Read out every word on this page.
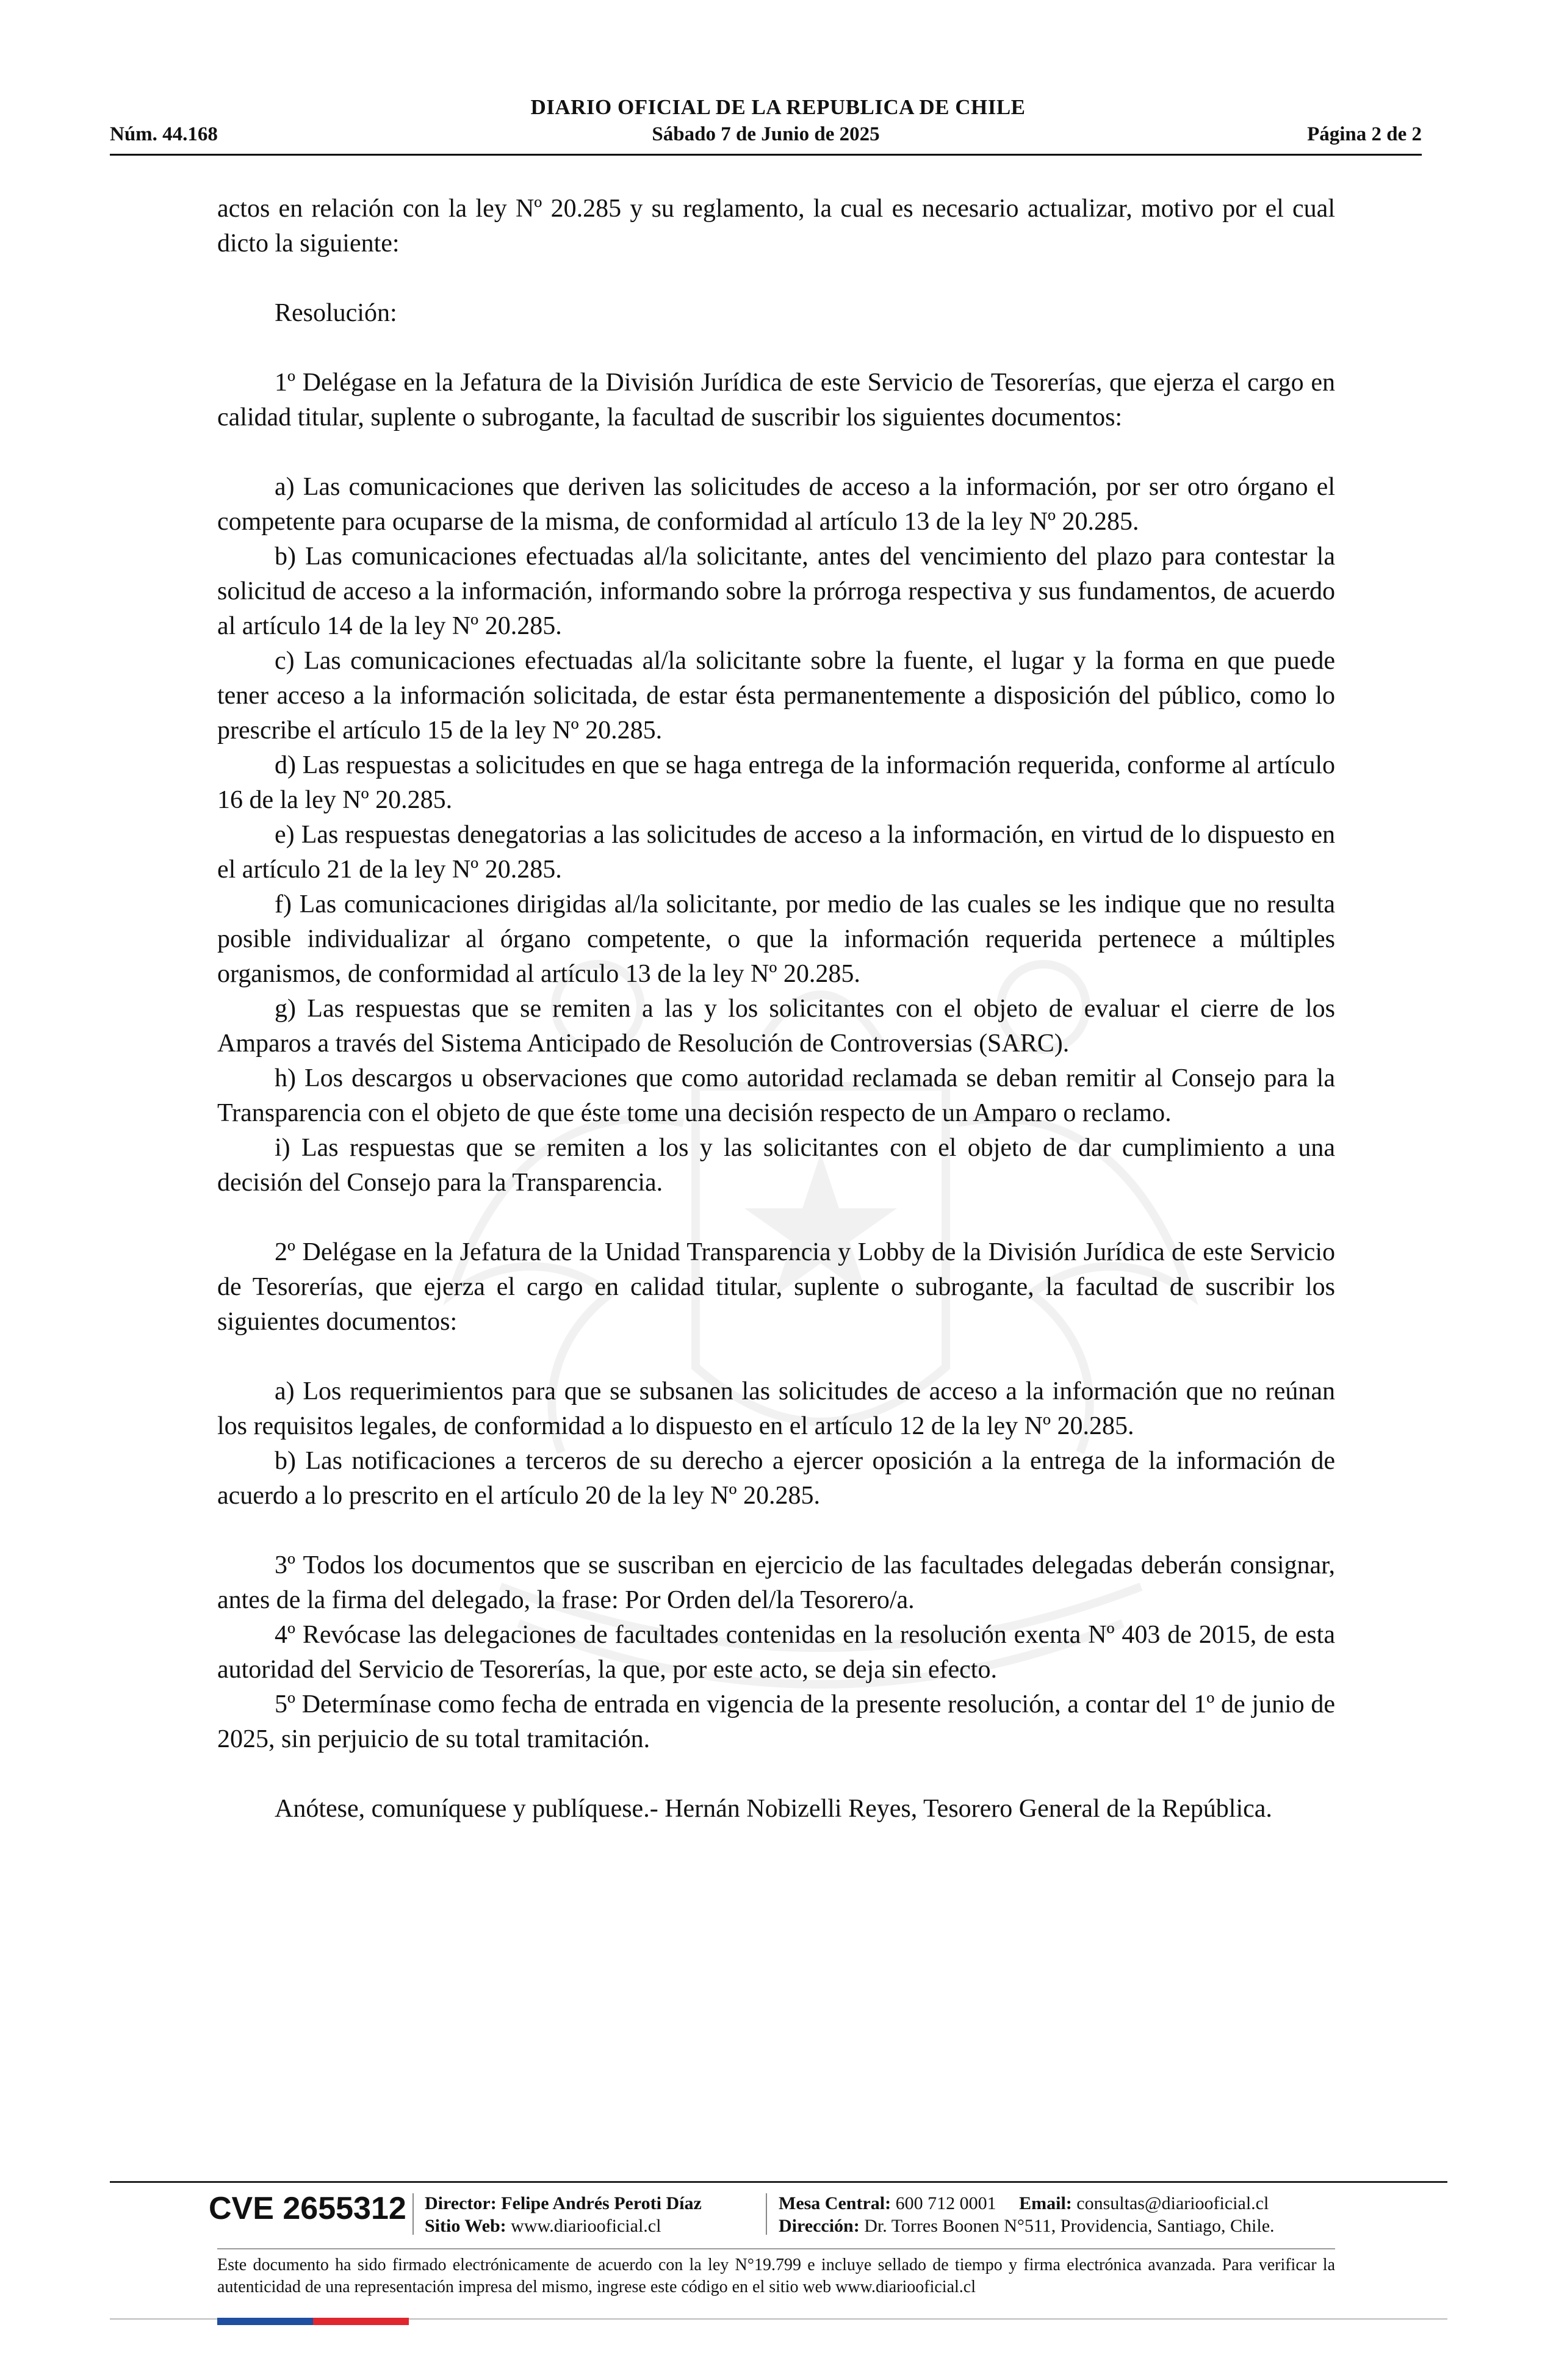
DIARIO OFICIAL DE LA REPUBLICA DE CHILE
Núm. 44.168	Sábado 7 de Junio de 2025	Página 2 de 2

actos en relación con la ley Nº 20.285 y su reglamento, la cual es necesario actualizar, motivo por el cual dicto la siguiente:

Resolución:

1º Delégase en la Jefatura de la División Jurídica de este Servicio de Tesorerías, que ejerza el cargo en calidad titular, suplente o subrogante, la facultad de suscribir los siguientes documentos:

a) Las comunicaciones que deriven las solicitudes de acceso a la información, por ser otro órgano el competente para ocuparse de la misma, de conformidad al artículo 13 de la ley Nº 20.285.

b) Las comunicaciones efectuadas al/la solicitante, antes del vencimiento del plazo para contestar la solicitud de acceso a la información, informando sobre la prórroga respectiva y sus fundamentos, de acuerdo al artículo 14 de la ley Nº 20.285.

c) Las comunicaciones efectuadas al/la solicitante sobre la fuente, el lugar y la forma en que puede tener acceso a la información solicitada, de estar ésta permanentemente a disposición del público, como lo prescribe el artículo 15 de la ley Nº 20.285.

d) Las respuestas a solicitudes en que se haga entrega de la información requerida, conforme al artículo 16 de la ley Nº 20.285.

e) Las respuestas denegatorias a las solicitudes de acceso a la información, en virtud de lo dispuesto en el artículo 21 de la ley Nº 20.285.

f) Las comunicaciones dirigidas al/la solicitante, por medio de las cuales se les indique que no resulta posible individualizar al órgano competente, o que la información requerida pertenece a múltiples organismos, de conformidad al artículo 13 de la ley Nº 20.285.

g) Las respuestas que se remiten a las y los solicitantes con el objeto de evaluar el cierre de los Amparos a través del Sistema Anticipado de Resolución de Controversias (SARC).

h) Los descargos u observaciones que como autoridad reclamada se deban remitir al Consejo para la Transparencia con el objeto de que éste tome una decisión respecto de un Amparo o reclamo.

i) Las respuestas que se remiten a los y las solicitantes con el objeto de dar cumplimiento a una decisión del Consejo para la Transparencia.

2º Delégase en la Jefatura de la Unidad Transparencia y Lobby de la División Jurídica de este Servicio de Tesorerías, que ejerza el cargo en calidad titular, suplente o subrogante, la facultad de suscribir los siguientes documentos:

a) Los requerimientos para que se subsanen las solicitudes de acceso a la información que no reúnan los requisitos legales, de conformidad a lo dispuesto en el artículo 12 de la ley Nº 20.285.

b) Las notificaciones a terceros de su derecho a ejercer oposición a la entrega de la información de acuerdo a lo prescrito en el artículo 20 de la ley Nº 20.285.

3º Todos los documentos que se suscriban en ejercicio de las facultades delegadas deberán consignar, antes de la firma del delegado, la frase: Por Orden del/la Tesorero/a.

4º Revócase las delegaciones de facultades contenidas en la resolución exenta Nº 403 de 2015, de esta autoridad del Servicio de Tesorerías, la que, por este acto, se deja sin efecto.

5º Determínase como fecha de entrada en vigencia de la presente resolución, a contar del 1º de junio de 2025, sin perjuicio de su total tramitación.

Anótese, comuníquese y publíquese.- Hernán Nobizelli Reyes, Tesorero General de la República.

CVE 2655312 Director: Felipe Andrés Peroti Díaz
Sitio Web: www.diariooficial.cl
Mesa Central: 600 712 0001 Email: consultas@diariooficial.cl
Dirección: Dr. Torres Boonen N°511, Providencia, Santiago, Chile.
Este documento ha sido firmado electrónicamente de acuerdo con la ley N°19.799 e incluye sellado de tiempo y firma electrónica avanzada. Para verificar la autenticidad de una representación impresa del mismo, ingrese este código en el sitio web www.diariooficial.cl
